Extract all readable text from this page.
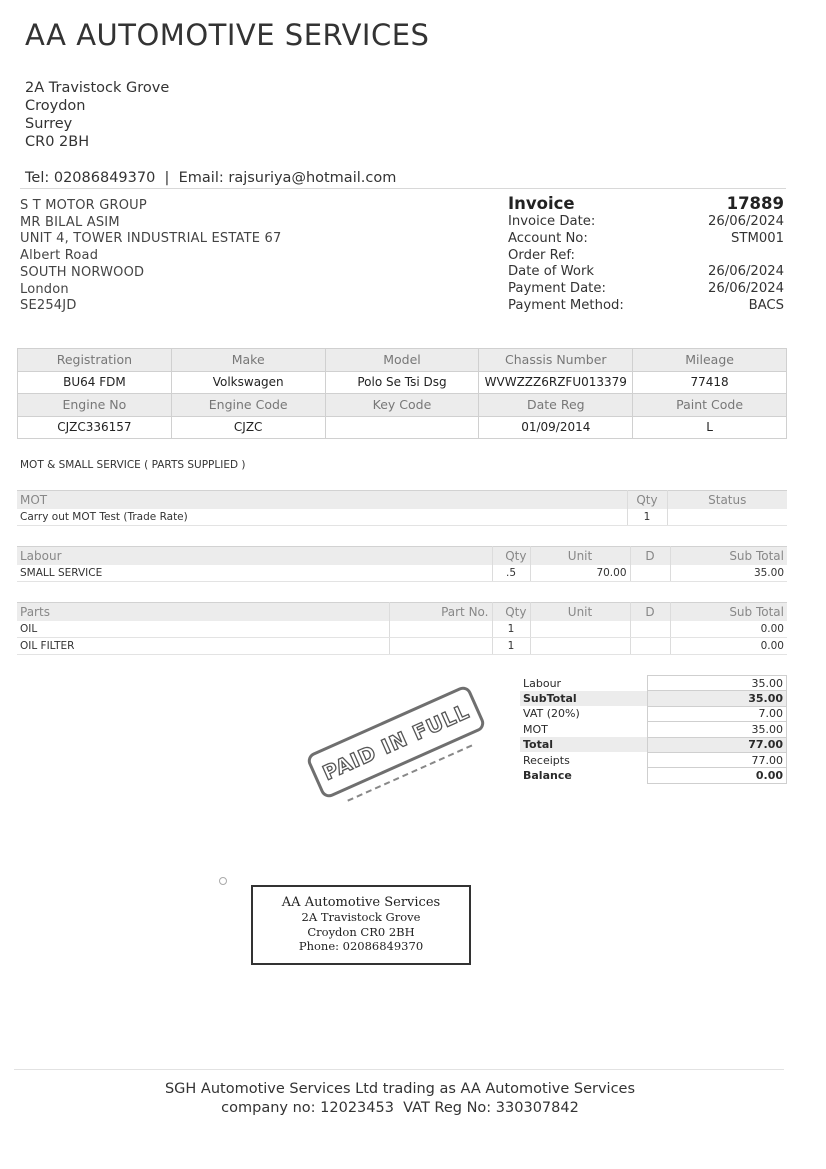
AA AUTOMOTIVE SERVICES
2A Travistock Grove
Croydon
Surrey
CR0 2BH
Tel: 02086849370  |  Email: rajsuriya@hotmail.com
S T MOTOR GROUP
MR BILAL ASIM
UNIT 4, TOWER INDUSTRIAL ESTATE 67
Albert Road
SOUTH NORWOOD
London
SE254JD
Invoice	17889
Invoice Date:	26/06/2024
Account No:	STM001
Order Ref:
Date of Work	26/06/2024
Payment Date:	26/06/2024
Payment Method:	BACS
Registration	Make	Model	Chassis Number	Mileage
BU64 FDM	Volkswagen	Polo Se Tsi Dsg	WVWZZZ6RZFU013379	77418
Engine No	Engine Code	Key Code	Date Reg	Paint Code
CJZC336157	CJZC		01/09/2014	L
MOT & SMALL SERVICE ( PARTS SUPPLIED )
MOT	Qty	Status
Carry out MOT Test (Trade Rate)	1	
Labour	Qty	Unit	D	Sub Total
SMALL SERVICE	.5	70.00		35.00
Parts	Part No.	Qty	Unit	D	Sub Total
OIL		1			0.00
OIL FILTER		1			0.00
Labour	35.00
SubTotal	35.00
VAT (20%)	7.00
MOT	35.00
Total	77.00
Receipts	77.00
Balance	0.00
PAID IN FULL
AA Automotive Services
2A Travistock Grove
Croydon CR0 2BH
Phone: 02086849370
SGH Automotive Services Ltd trading as AA Automotive Services
company no: 12023453  VAT Reg No: 330307842
